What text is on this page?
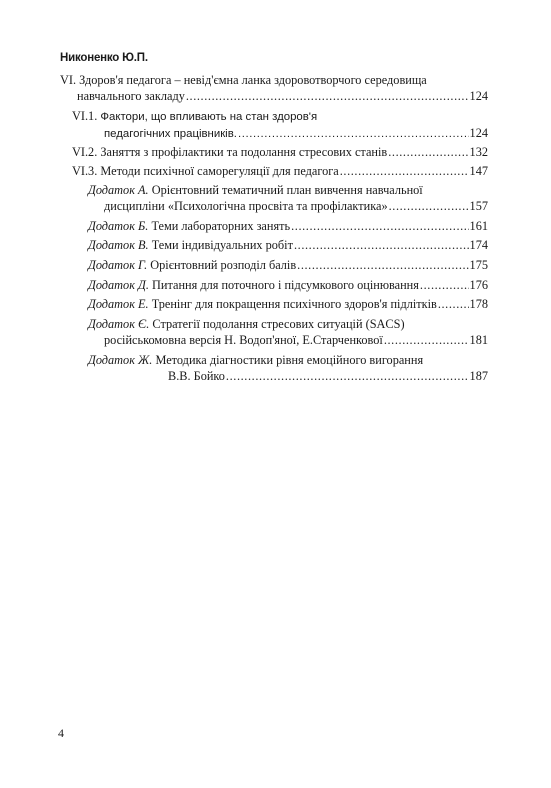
Никоненко Ю.П.
VI. Здоров'я педагога – невід'ємна ланка здоровотворчого середовища
навчального закладу .....	124
VI.1. Фактори, що впливають на стан здоров'я
педагогічних працівників. .....	124
VI.2. Заняття з профілактики та подолання стресових станів .....	132
VI.3. Методи психічної саморегуляції для педагога .....	147
Додаток А. Орієнтовний тематичний план вивчення навчальної
дисципліни «Психологічна просвіта та профілактика» .....	157
Додаток Б. Теми лабораторних занять .....	161
Додаток В. Теми індивідуальних робіт .....	174
Додаток Г. Орієнтовний розподіл балів .....	175
Додаток Д. Питання для поточного і підсумкового оцінювання .....	176
Додаток Е. Тренінг для покращення психічного здоров'я підлітків .....	178
Додаток Є. Стратегії подолання стресових ситуацій (SACS)
російськомовна версія Н. Водоп'яної, Е.Старченкової .....	181
Додаток Ж. Методика діагностики рівня емоційного вигорання
В.В. Бойко .....	187
4
